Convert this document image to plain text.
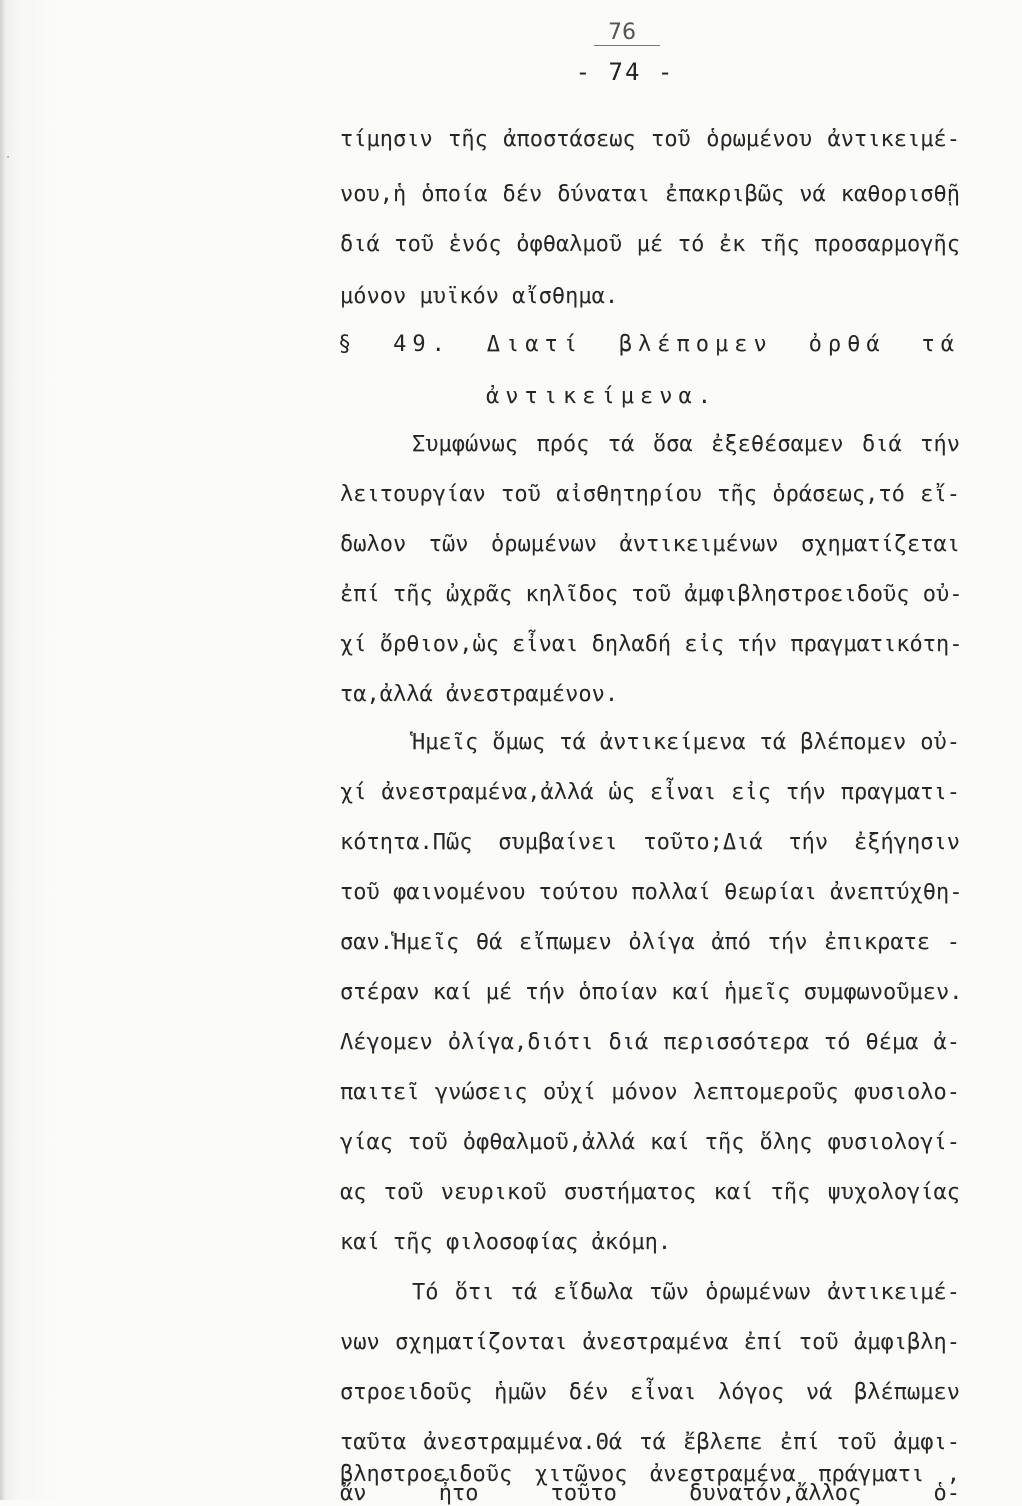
ᐧ
76
- 74 -
τίμησιν τῆς ἀποστάσεως τοῦ ὁρωμένου ἀντικειμέ-
νου,ἡ ὁποία δέν δύναται ἐπακριβῶς νά καθορισθῇ
διά τοῦ ἑνός ὀφθαλμοῦ μέ τό ἐκ τῆς προσαρμογῆς
μόνον μυϊκόν αἴσθημα.
§ 49. Διατί βλέπομεν ὀρθά τά
ἀντικείμενα.
Συμφώνως πρός τά ὅσα ἐξεθέσαμεν διά τήν
λειτουργίαν τοῦ αἰσθητηρίου τῆς ὁράσεως,τό εἴ-
δωλον τῶν ὁρωμένων ἀντικειμένων σχηματίζεται
ἐπί τῆς ὠχρᾶς κηλῖδος τοῦ ἀμφιβληστροειδοῦς οὐ-
χί ὄρθιον,ὡς εἶναι δηλαδή εἰς τήν πραγματικότη-
τα,ἀλλά ἀνεστραμένον.
Ἡμεῖς ὅμως τά ἀντικείμενα τά βλέπομεν οὐ-
χί ἀνεστραμένα,ἀλλά ὡς εἶναι εἰς τήν πραγματι-
κότητα.Πῶς συμβαίνει τοῦτο;Διά τήν ἐξήγησιν
τοῦ φαινομένου τούτου πολλαί θεωρίαι ἀνεπτύχθη-
σαν.Ἡμεῖς θά εἴπωμεν ὀλίγα ἀπό τήν ἐπικρατε -
στέραν καί μέ τήν ὁποίαν καί ἡμεῖς συμφωνοῦμεν.
Λέγομεν ὀλίγα,διότι διά περισσότερα τό θέμα ἀ-
παιτεῖ γνώσεις οὐχί μόνον λεπτομεροῦς φυσιολο-
γίας τοῦ ὀφθαλμοῦ,ἀλλά καί τῆς ὅλης φυσιολογί-
ας τοῦ νευρικοῦ συστήματος καί τῆς ψυχολογίας
καί τῆς φιλοσοφίας ἀκόμη.
Τό ὅτι τά εἴδωλα τῶν ὁρωμένων ἀντικειμέ-
νων σχηματίζονται ἀνεστραμένα ἐπί τοῦ ἀμφιβλη-
στροειδοῦς ἡμῶν δέν εἶναι λόγος νά βλέπωμεν
ταῦτα ἀνεστραμμένα.Θά τά ἔβλεπε ἐπί τοῦ ἀμφι-
βληστροειδοῦς χιτῶνος ἀνεστραμένα πράγματι ,
ἄν ἦτο τοῦτο δυνατόν,ἄλλος ὁ-
